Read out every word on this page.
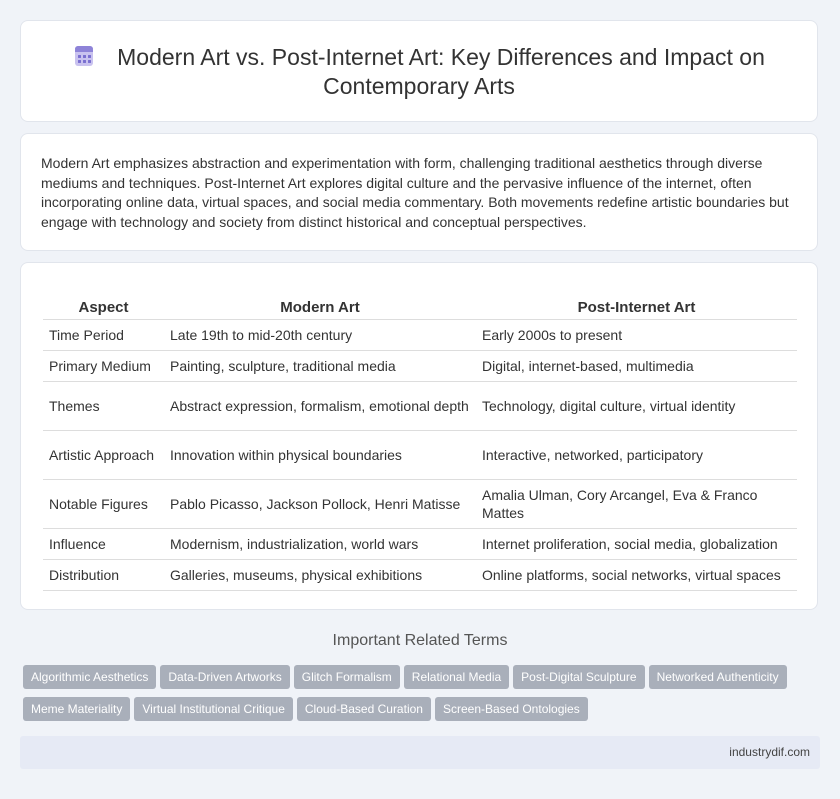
Modern Art vs. Post-Internet Art: Key Differences and Impact on Contemporary Arts

Modern Art emphasizes abstraction and experimentation with form, challenging traditional aesthetics through diverse mediums and techniques. Post-Internet Art explores digital culture and the pervasive influence of the internet, often incorporating online data, virtual spaces, and social media commentary. Both movements redefine artistic boundaries but engage with technology and society from distinct historical and conceptual perspectives.

Aspect	Modern Art	Post-Internet Art
Time Period	Late 19th to mid-20th century	Early 2000s to present
Primary Medium	Painting, sculpture, traditional media	Digital, internet-based, multimedia
Themes	Abstract expression, formalism, emotional depth	Technology, digital culture, virtual identity
Artistic Approach	Innovation within physical boundaries	Interactive, networked, participatory
Notable Figures	Pablo Picasso, Jackson Pollock, Henri Matisse	Amalia Ulman, Cory Arcangel, Eva & Franco Mattes
Influence	Modernism, industrialization, world wars	Internet proliferation, social media, globalization
Distribution	Galleries, museums, physical exhibitions	Online platforms, social networks, virtual spaces
Important Related Terms
Algorithmic Aesthetics Data-Driven Artworks Glitch Formalism Relational Media Post-Digital Sculpture Networked Authenticity
Meme Materiality Virtual Institutional Critique Cloud-Based Curation Screen-Based Ontologies
industrydif.com
